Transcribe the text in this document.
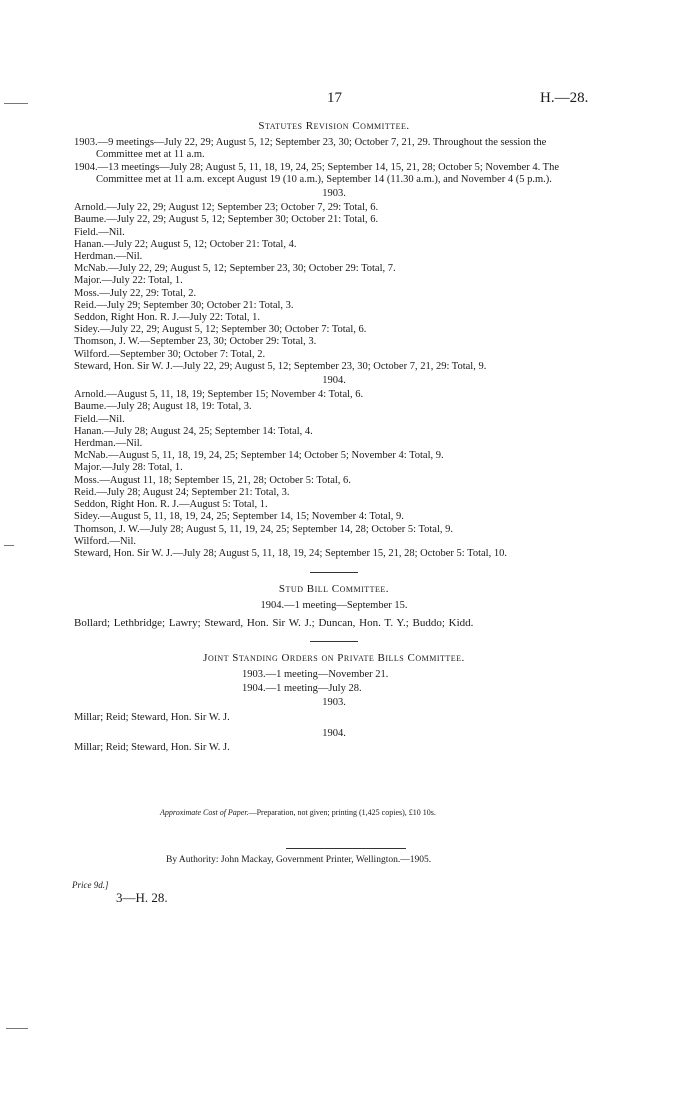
17	H.—28.
Statutes Revision Committee.

1903.—9 meetings—July 22, 29; August 5, 12; September 23, 30; October 7, 21, 29. Throughout the session the Committee met at 11 a.m.

1904.—13 meetings—July 28; August 5, 11, 18, 19, 24, 25; September 14, 15, 21, 28; October 5; November 4. The Committee met at 11 a.m. except August 19 (10 a.m.), September 14 (11.30 a.m.), and November 4 (5 p.m.).

1903.

Arnold.—July 22, 29; August 12; September 23; October 7, 29: Total, 6.

Baume.—July 22, 29; August 5, 12; September 30; October 21: Total, 6.

Field.—Nil.

Hanan.—July 22; August 5, 12; October 21: Total, 4.

Herdman.—Nil.

McNab.—July 22, 29; August 5, 12; September 23, 30; October 29: Total, 7.

Major.—July 22: Total, 1.

Moss.—July 22, 29: Total, 2.

Reid.—July 29; September 30; October 21: Total, 3.

Seddon, Right Hon. R. J.—July 22: Total, 1.

Sidey.—July 22, 29; August 5, 12; September 30; October 7: Total, 6.

Thomson, J. W.—September 23, 30; October 29: Total, 3.

Wilford.—September 30; October 7: Total, 2.

Steward, Hon. Sir W. J.—July 22, 29; August 5, 12; September 23, 30; October 7, 21, 29: Total, 9.

1904.

Arnold.—August 5, 11, 18, 19; September 15; November 4: Total, 6.

Baume.—July 28; August 18, 19: Total, 3.

Field.—Nil.

Hanan.—July 28; August 24, 25; September 14: Total, 4.

Herdman.—Nil.

McNab.—August 5, 11, 18, 19, 24, 25; September 14; October 5; November 4: Total, 9.

Major.—July 28: Total, 1.

Moss.—August 11, 18; September 15, 21, 28; October 5: Total, 6.

Reid.—July 28; August 24; September 21: Total, 3.

Seddon, Right Hon. R. J.—August 5: Total, 1.

Sidey.—August 5, 11, 18, 19, 24, 25; September 14, 15; November 4: Total, 9.

Thomson, J. W.—July 28; August 5, 11, 19, 24, 25; September 14, 28; October 5: Total, 9.

Wilford.—Nil.

Steward, Hon. Sir W. J.—July 28; August 5, 11, 18, 19, 24; September 15, 21, 28; October 5: Total, 10.

Stud Bill Committee.
1904.—1 meeting—September 15.

Bollard; Lethbridge; Lawry; Steward, Hon. Sir W. J.; Duncan, Hon. T. Y.; Buddo; Kidd.

Joint Standing Orders on Private Bills Committee.

1903.—1 meeting—November 21.

1904.—1 meeting—July 28.

1903.
Millar; Reid; Steward, Hon. Sir W. J.
1904.
Millar; Reid; Steward, Hon. Sir W. J.
Approximate Cost of Paper.—Preparation, not given; printing (1,425 copies), £10 10s.
By Authority: John Mackay, Government Printer, Wellington.—1905.
Price 9d.]
3—H. 28.
